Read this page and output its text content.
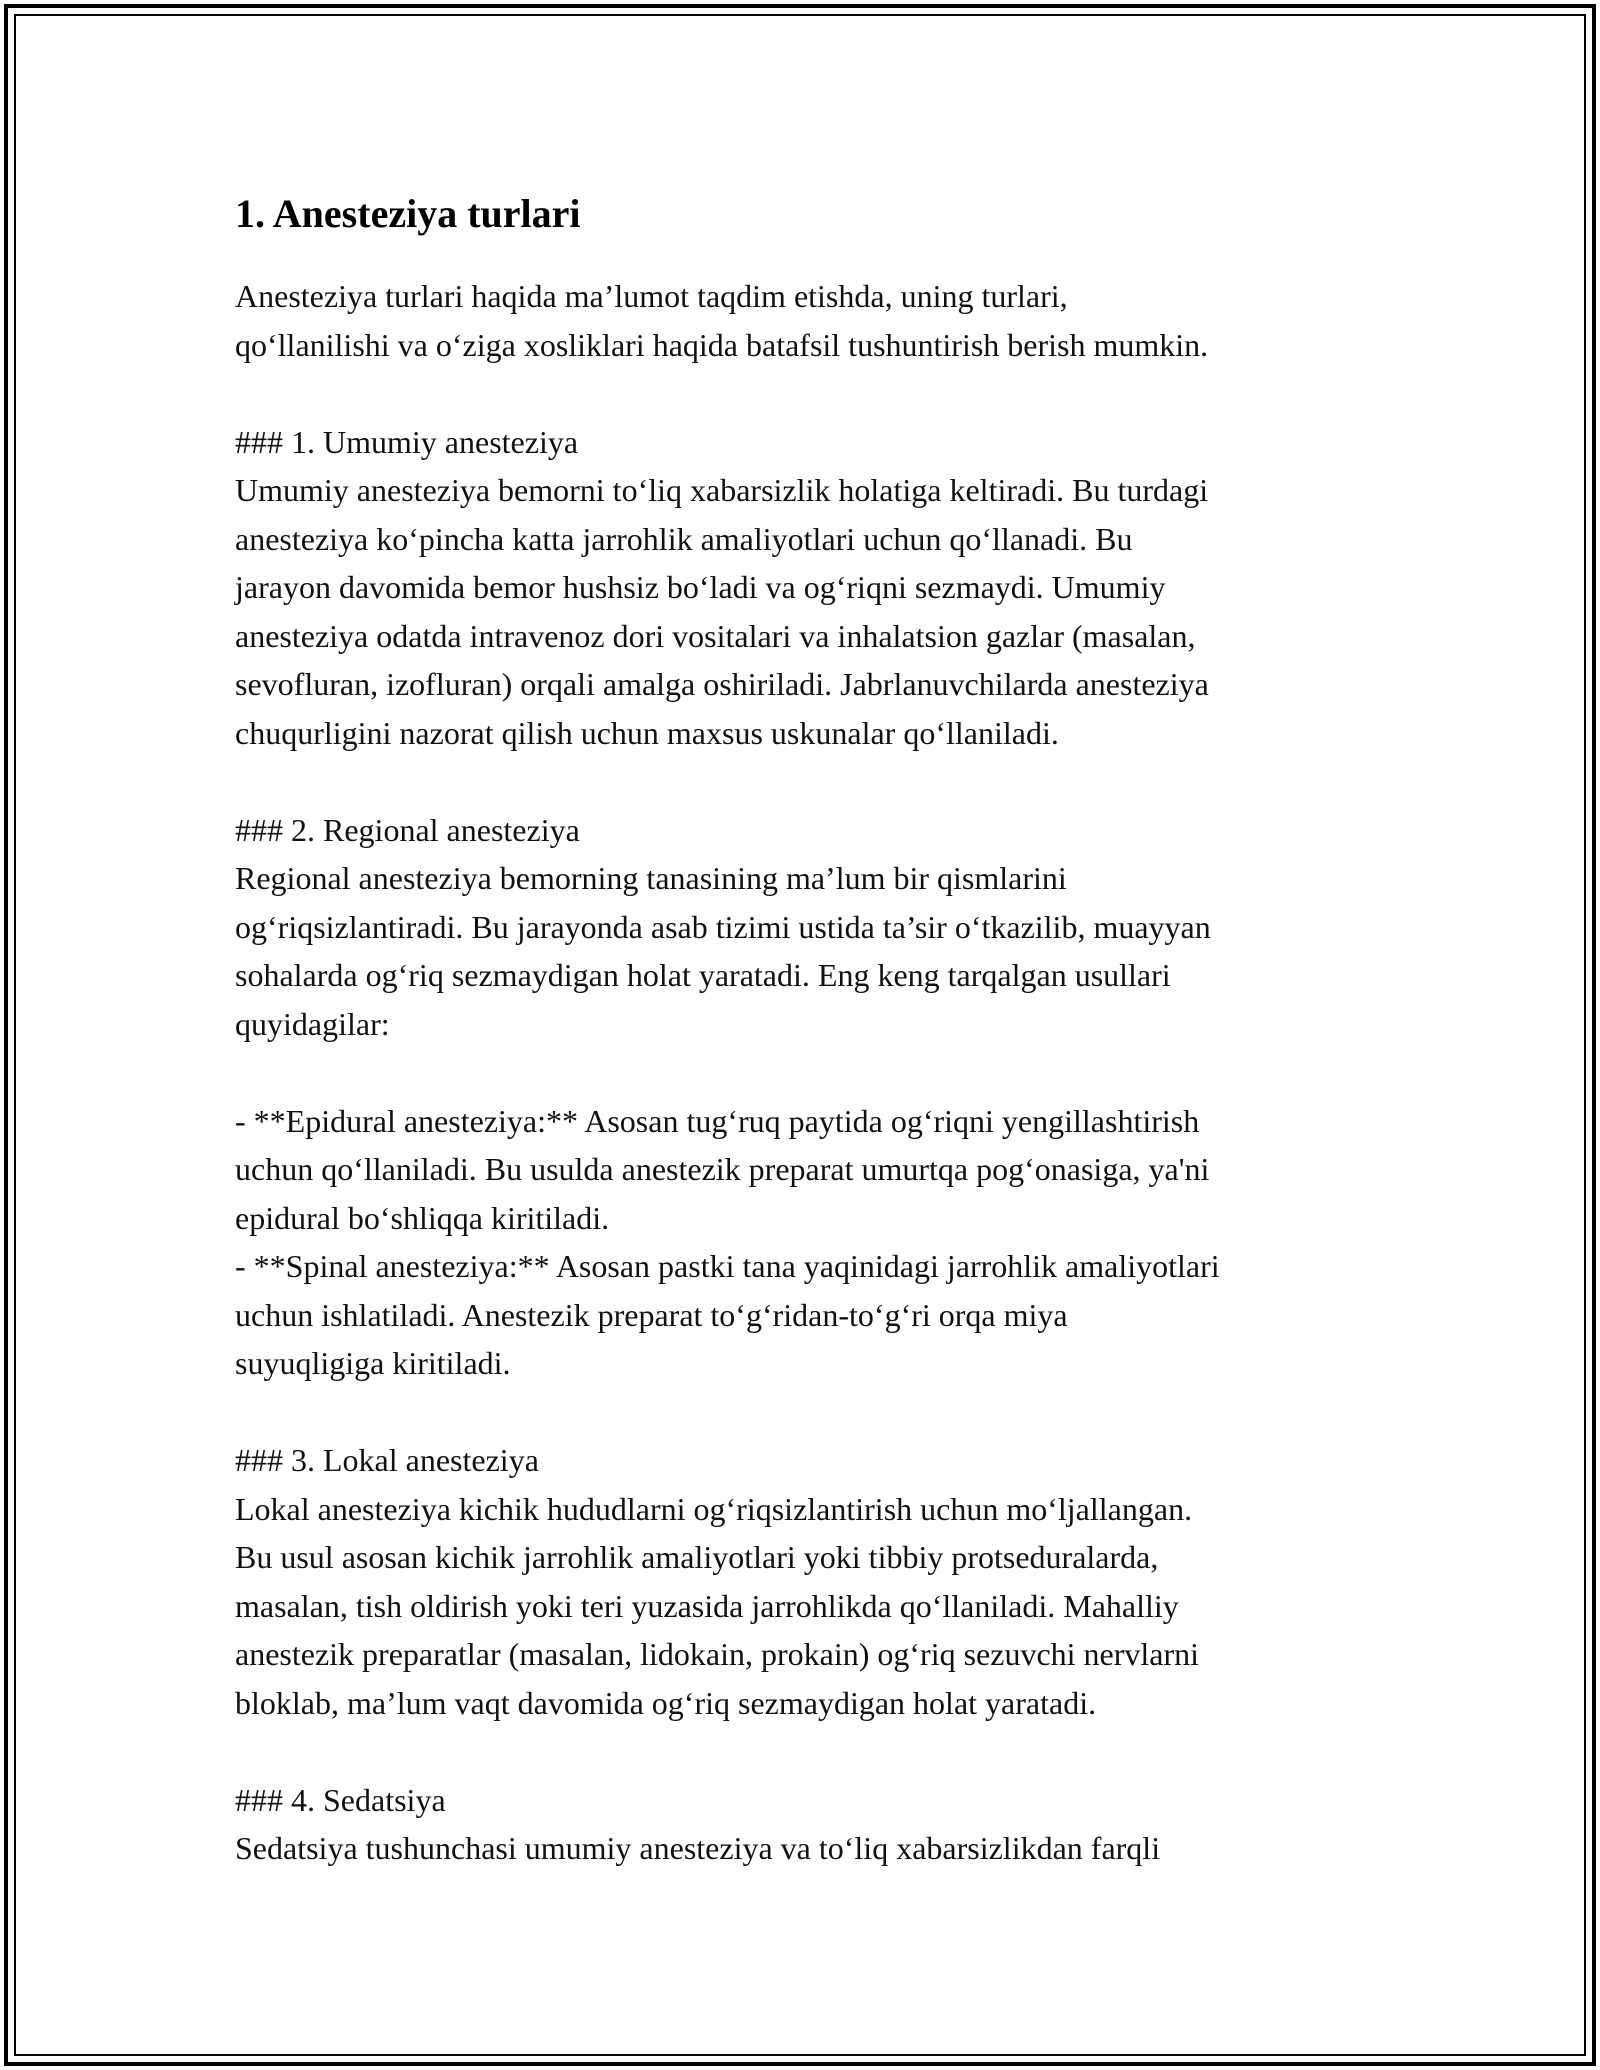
1. Anesteziya turlari
Anesteziya turlari haqida ma’lumot taqdim etishda, uning turlari,
qo‘llanilishi va o‘ziga xosliklari haqida batafsil tushuntirish berish mumkin.
### 1. Umumiy anesteziya
Umumiy anesteziya bemorni to‘liq xabarsizlik holatiga keltiradi. Bu turdagi
anesteziya ko‘pincha katta jarrohlik amaliyotlari uchun qo‘llanadi. Bu
jarayon davomida bemor hushsiz bo‘ladi va og‘riqni sezmaydi. Umumiy
anesteziya odatda intravenoz dori vositalari va inhalatsion gazlar (masalan,
sevofluran, izofluran) orqali amalga oshiriladi. Jabrlanuvchilarda anesteziya
chuqurligini nazorat qilish uchun maxsus uskunalar qo‘llaniladi.
### 2. Regional anesteziya
Regional anesteziya bemorning tanasining ma’lum bir qismlarini
og‘riqsizlantiradi. Bu jarayonda asab tizimi ustida ta’sir o‘tkazilib, muayyan
sohalarda og‘riq sezmaydigan holat yaratadi. Eng keng tarqalgan usullari
quyidagilar:
- **Epidural anesteziya:** Asosan tug‘ruq paytida og‘riqni yengillashtirish
uchun qo‘llaniladi. Bu usulda anestezik preparat umurtqa pog‘onasiga, ya'ni
epidural bo‘shliqqa kiritiladi.
- **Spinal anesteziya:** Asosan pastki tana yaqinidagi jarrohlik amaliyotlari
uchun ishlatiladi. Anestezik preparat to‘g‘ridan-to‘g‘ri orqa miya
suyuqligiga kiritiladi.
### 3. Lokal anesteziya
Lokal anesteziya kichik hududlarni og‘riqsizlantirish uchun mo‘ljallangan.
Bu usul asosan kichik jarrohlik amaliyotlari yoki tibbiy protseduralarda,
masalan, tish oldirish yoki teri yuzasida jarrohlikda qo‘llaniladi. Mahalliy
anestezik preparatlar (masalan, lidokain, prokain) og‘riq sezuvchi nervlarni
bloklab, ma’lum vaqt davomida og‘riq sezmaydigan holat yaratadi.
### 4. Sedatsiya
Sedatsiya tushunchasi umumiy anesteziya va to‘liq xabarsizlikdan farqli
